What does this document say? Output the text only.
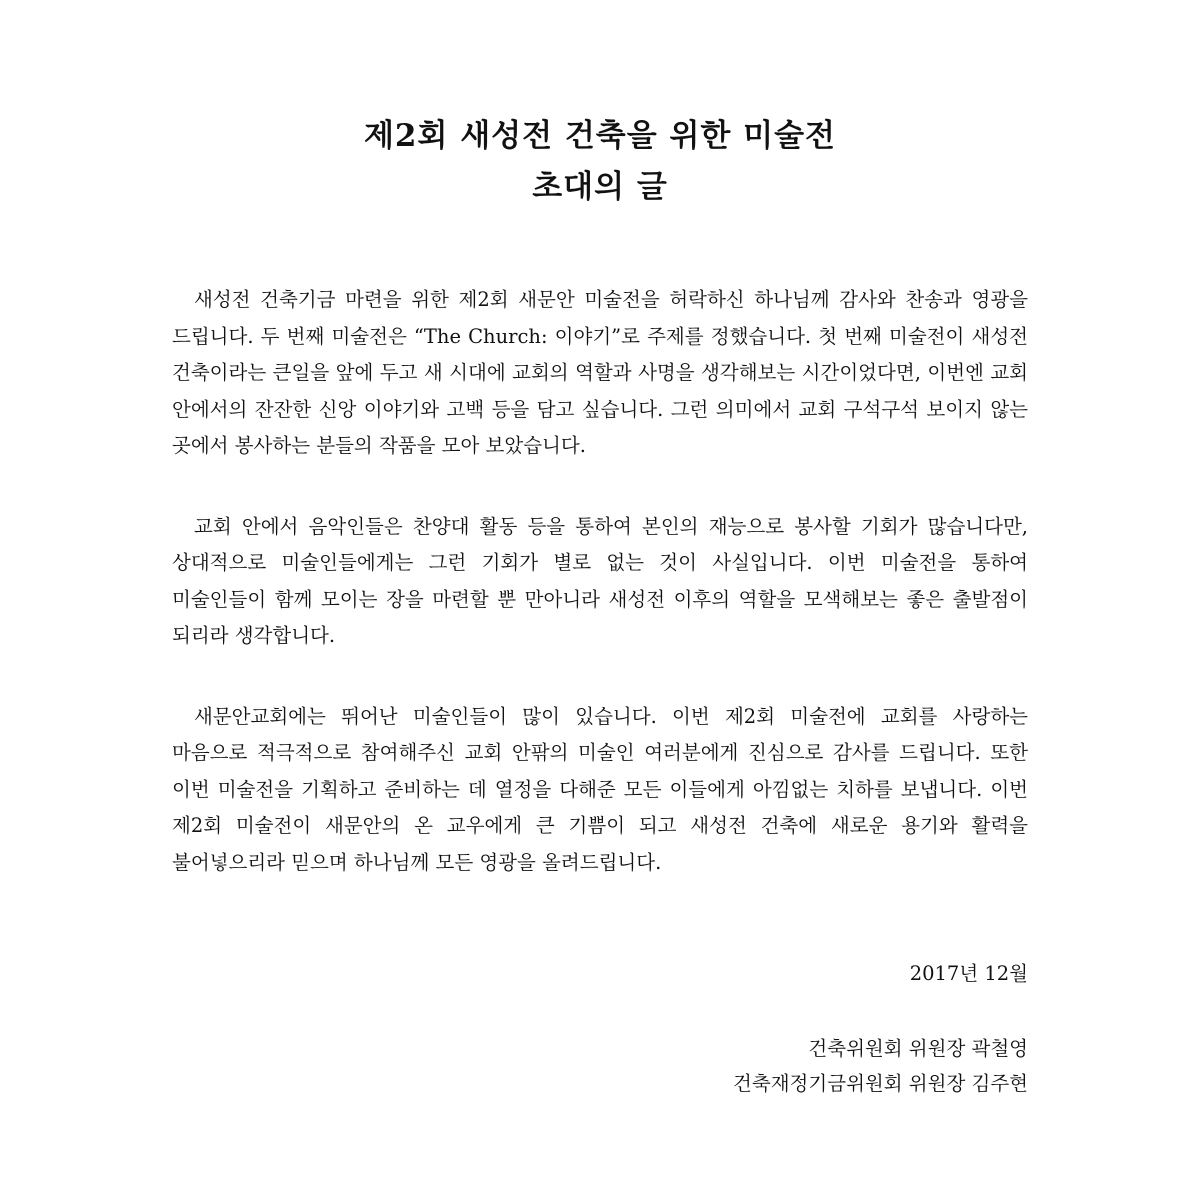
제2회 새성전 건축을 위한 미술전
초대의 글

새성전 건축기금 마련을 위한 제2회 새문안 미술전을 허락하신 하나님께 감사와 찬송과 영광을 드립니다. 두 번째 미술전은 “The Church: 이야기”로 주제를 정했습니다. 첫 번째 미술전이 새성전 건축이라는 큰일을 앞에 두고 새 시대에 교회의 역할과 사명을 생각해보는 시간이었다면, 이번엔 교회 안에서의 잔잔한 신앙 이야기와 고백 등을 담고 싶습니다. 그런 의미에서 교회 구석구석 보이지 않는 곳에서 봉사하는 분들의 작품을 모아 보았습니다.

교회 안에서 음악인들은 찬양대 활동 등을 통하여 본인의 재능으로 봉사할 기회가 많습니다만, 상대적으로 미술인들에게는 그런 기회가 별로 없는 것이 사실입니다. 이번 미술전을 통하여 미술인들이 함께 모이는 장을 마련할 뿐 만아니라 새성전 이후의 역할을 모색해보는 좋은 출발점이 되리라 생각합니다.

새문안교회에는 뛰어난 미술인들이 많이 있습니다. 이번 제2회 미술전에 교회를 사랑하는 마음으로 적극적으로 참여해주신 교회 안팎의 미술인 여러분에게 진심으로 감사를 드립니다. 또한 이번 미술전을 기획하고 준비하는 데 열정을 다해준 모든 이들에게 아낌없는 치하를 보냅니다. 이번 제2회 미술전이 새문안의 온 교우에게 큰 기쁨이 되고 새성전 건축에 새로운 용기와 활력을 불어넣으리라 믿으며 하나님께 모든 영광을 올려드립니다.

2017년 12월
건축위원회 위원장 곽철영
건축재정기금위원회 위원장 김주현
